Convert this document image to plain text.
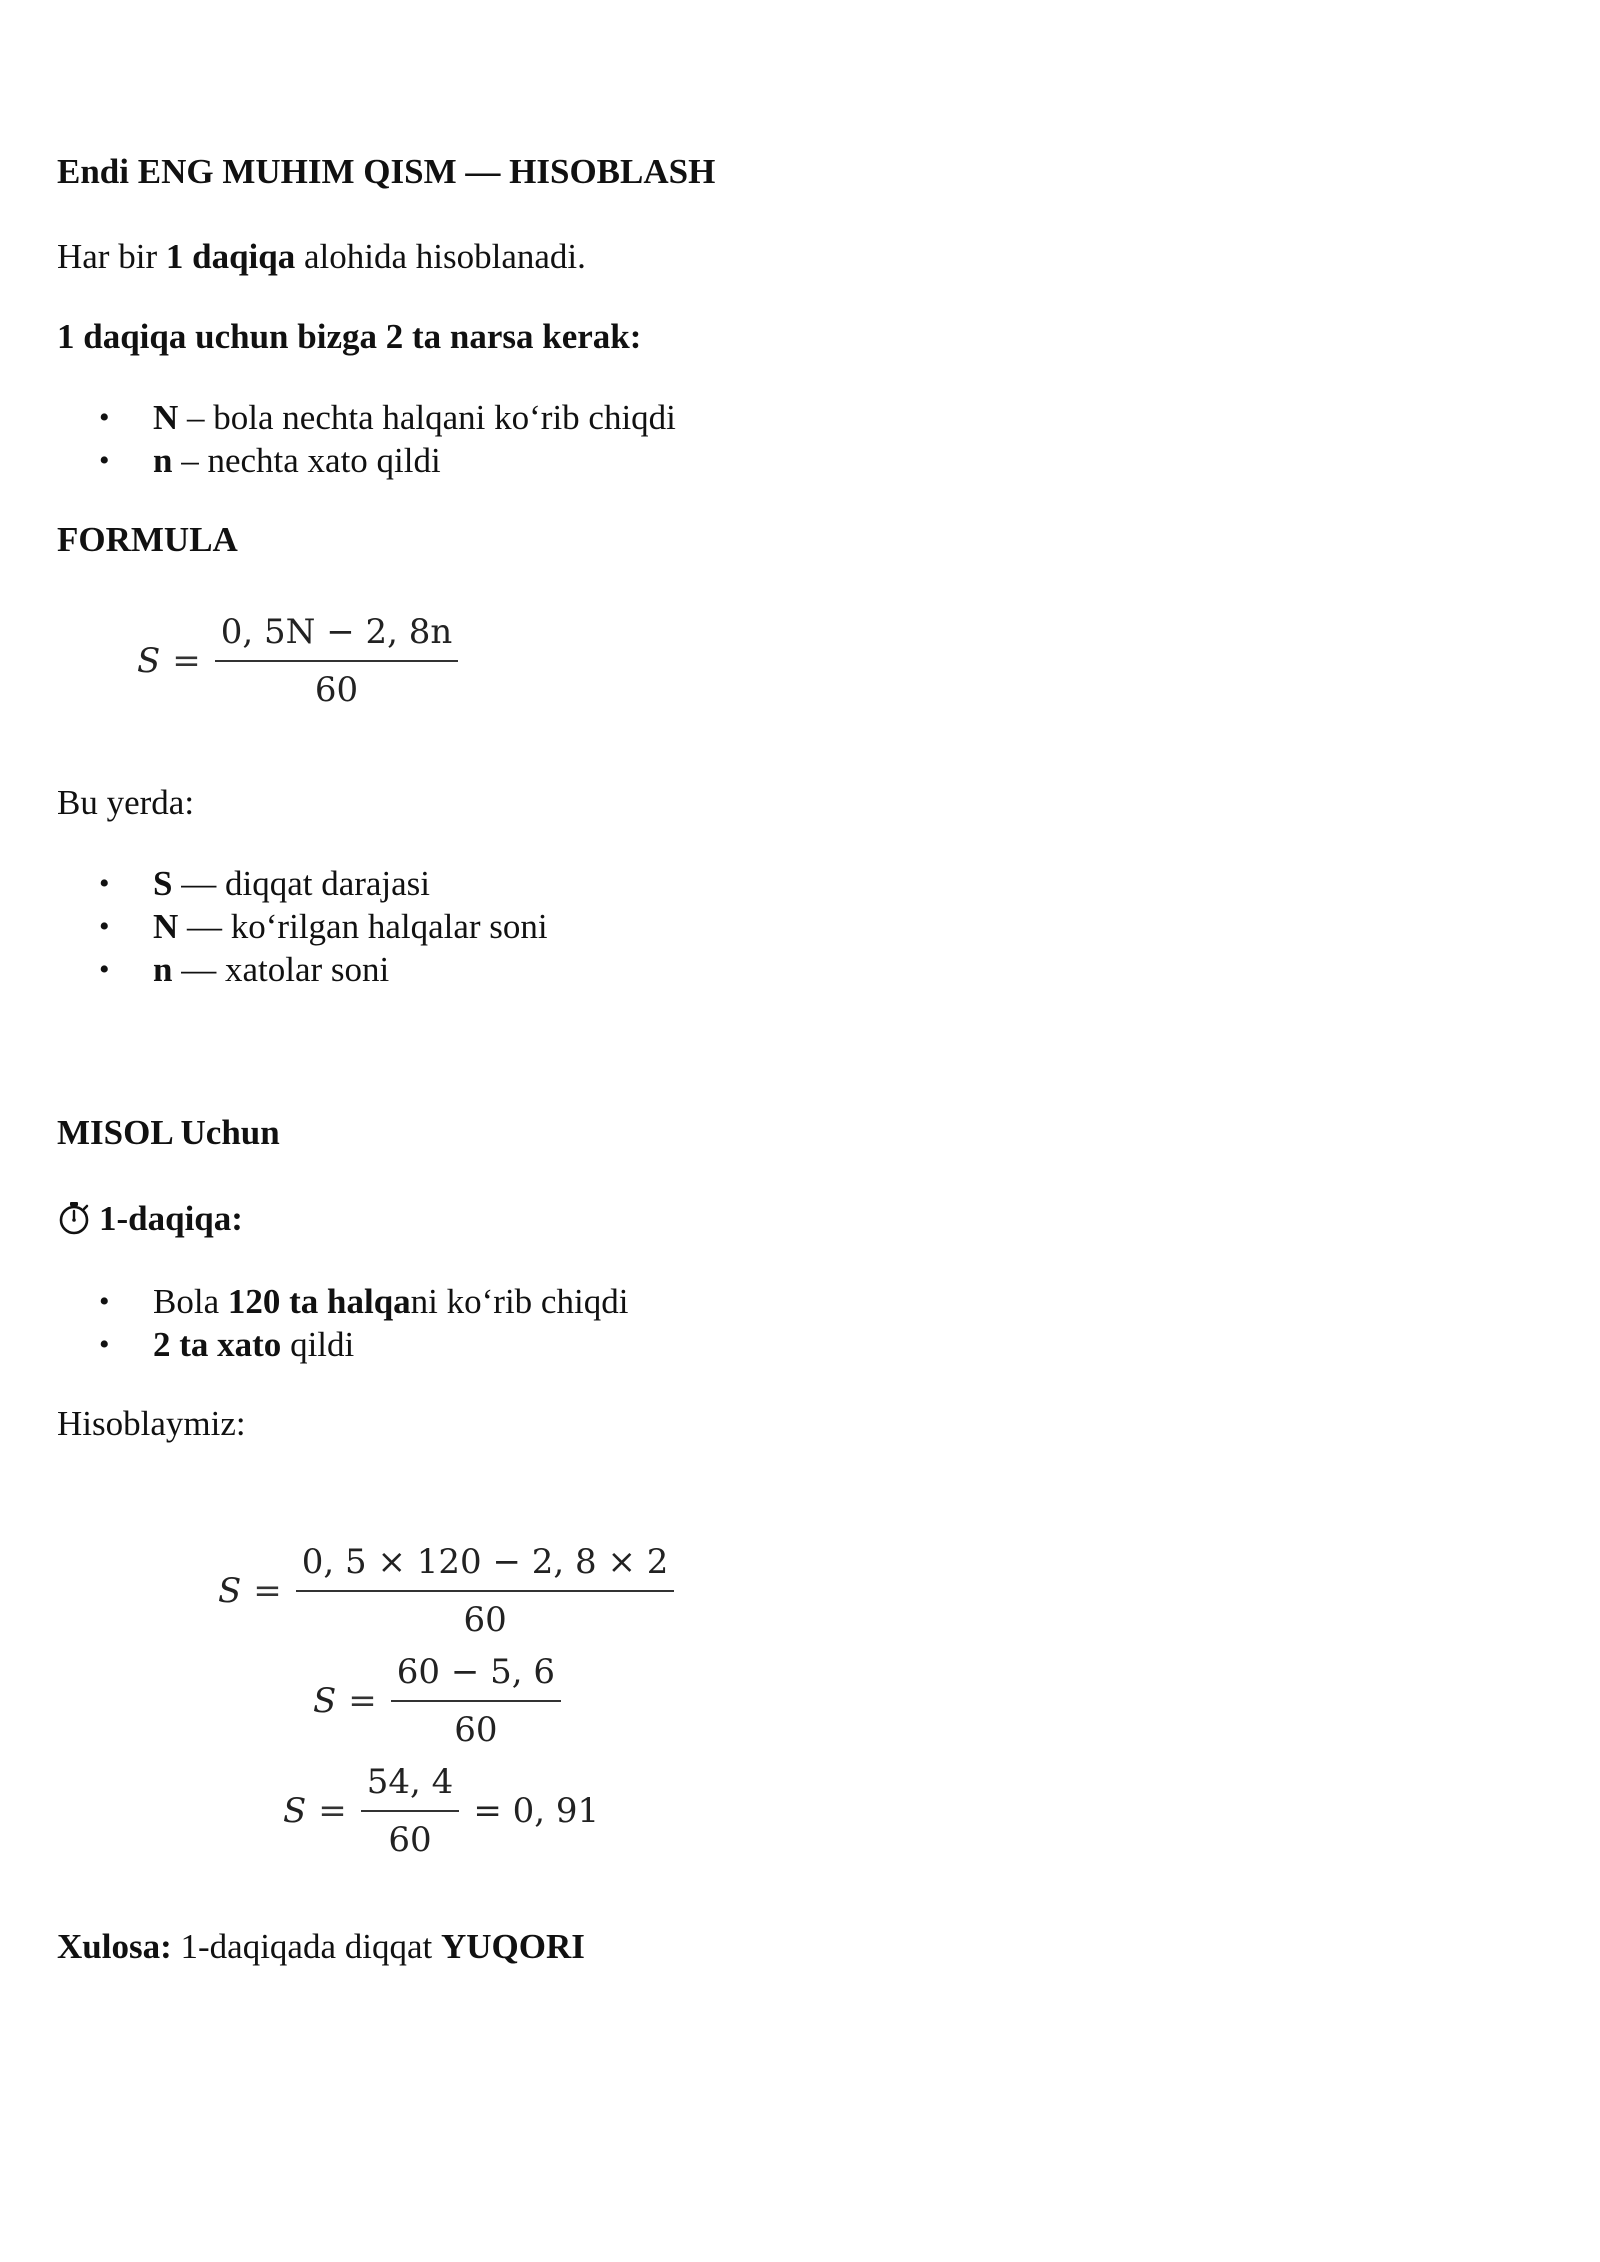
Endi ENG MUHIM QISM — HISOBLASH

Har bir 1 daqiqa alohida hisoblanadi.

1 daqiqa uchun bizga 2 ta narsa kerak:

• N – bola nechta halqani ko‘rib chiqdi
• n – nechta xato qildi

FORMULA

$S = \frac{0, 5N - 2, 8n}{60}$

Bu yerda:

• S — diqqat darajasi
• N — ko‘rilgan halqalar soni
• n — xatolar soni

MISOL Uchun

1-daqiqa:

• Bola 120 ta halqani ko‘rib chiqdi
• 2 ta xato qildi

Hisoblaymiz:

$S = \frac{0, 5 \times 120 - 2, 8 \times 2}{60}$
$S = \frac{60 - 5, 6}{60}$
$S = \frac{54, 4}{60} = 0$, 91

Xulosa: 1-daqiqada diqqat YUQORI
